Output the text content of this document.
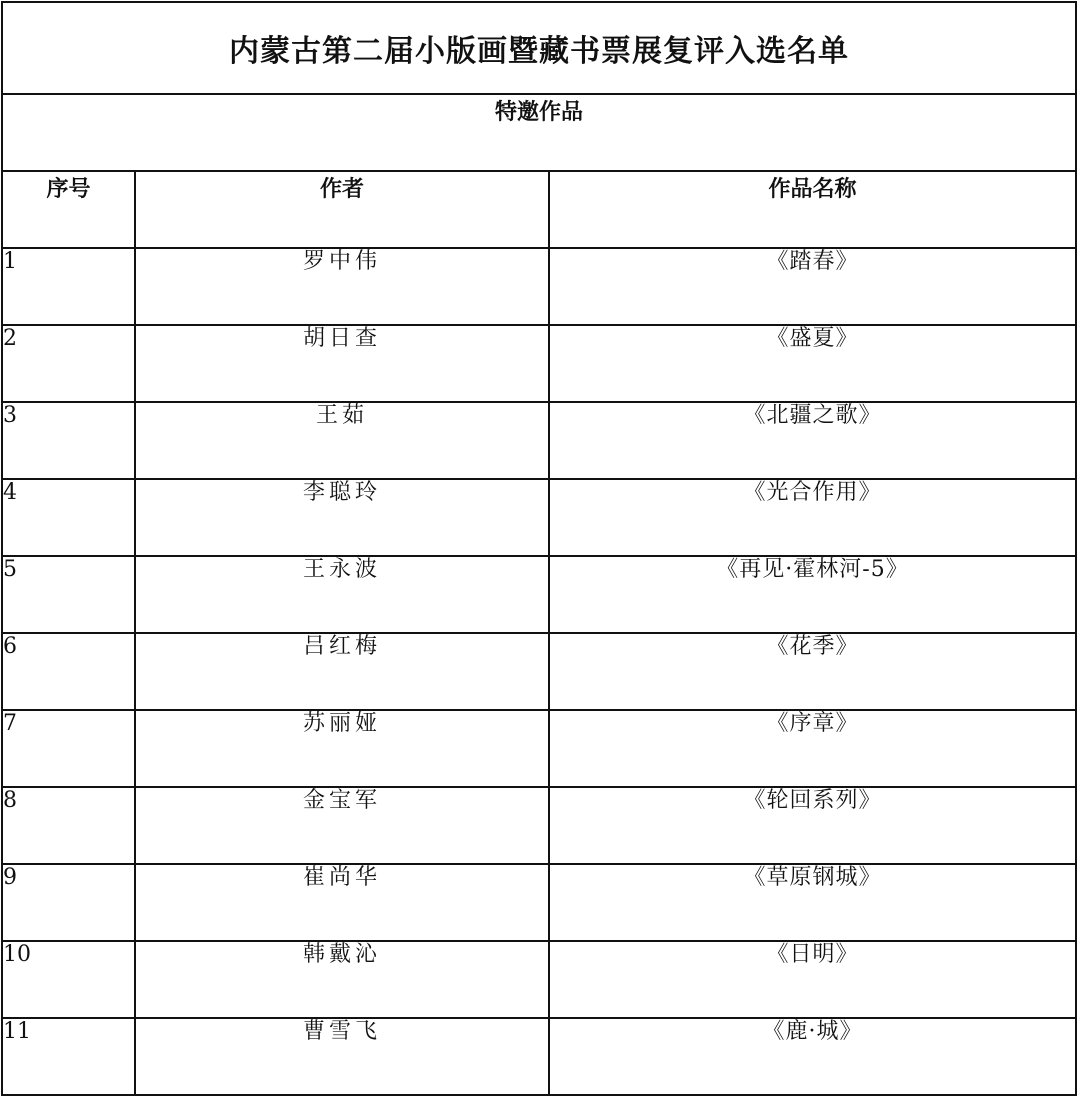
内蒙古第二届小版画暨藏书票展复评入选名单		
特邀作品		
序号	作者	作品名称
1	罗中伟	《踏春》
2	胡日查	《盛夏》
3	王茹	《北疆之歌》
4	李聪玲	《光合作用》
5	王永波	《再见·霍林河-5》
6	吕红梅	《花季》
7	苏丽娅	《序章》
8	金宝军	《轮回系列》
9	崔尚华	《草原钢城》
10	韩戴沁	《日明》
11	曹雪飞	《鹿·城》
